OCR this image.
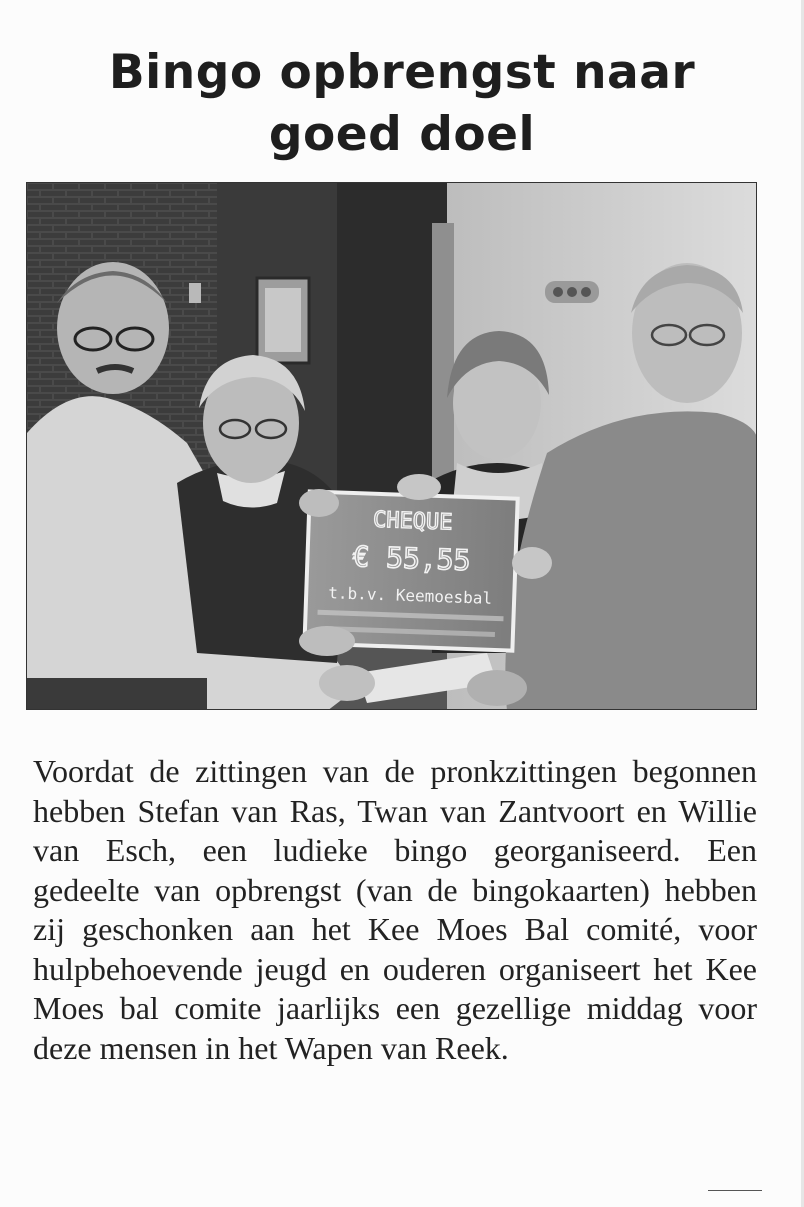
Bingo opbrengst naar
goed doel
CHEQUE
€ 55,55
t.b.v. Keemoesbal

Voordat de zittingen van de pronkzittingen begonnen hebben Stefan van Ras, Twan van Zantvoort en Willie van Esch, een ludieke bingo georganiseerd. Een gedeelte van opbrengst (van de bingokaarten) hebben zij geschonken aan het Kee Moes Bal comité, voor hulpbehoevende jeugd en ouderen organiseert het Kee Moes bal comite jaarlijks een gezellige middag voor deze mensen in het Wapen van Reek.
